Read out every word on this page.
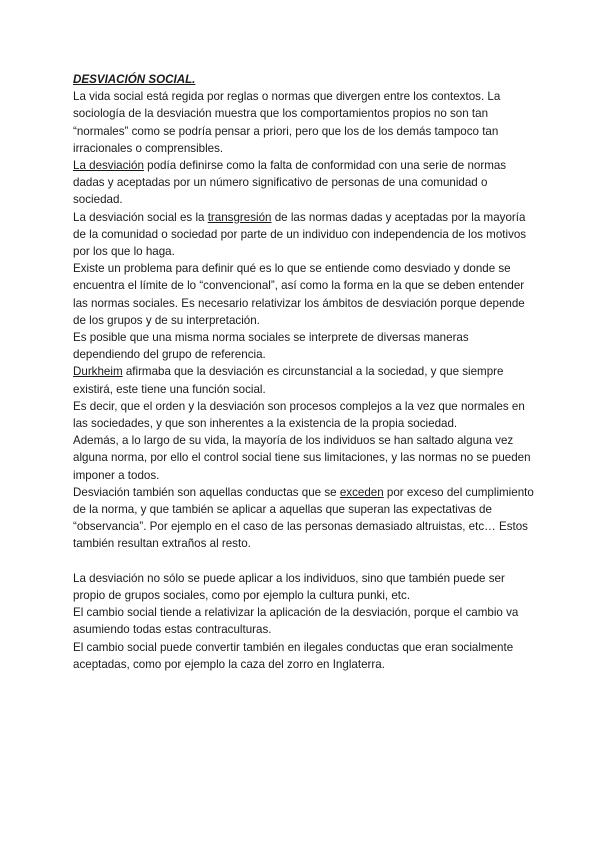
DESVIACIÓN SOCIAL.

La vida social está regida por reglas o normas que divergen entre los contextos. La sociología de la desviación muestra que los comportamientos propios no son tan “normales” como se podría pensar a priori, pero que los de los demás tampoco tan irracionales o comprensibles.

La desviación podía definirse como la falta de conformidad con una serie de normas dadas y aceptadas por un número significativo de personas de una comunidad o sociedad.

La desviación social es la transgresión de las normas dadas y aceptadas por la mayoría de la comunidad o sociedad por parte de un individuo con independencia de los motivos por los que lo haga.

Existe un problema para definir qué es lo que se entiende como desviado y donde se encuentra el límite de lo “convencional”, así como la forma en la que se deben entender las normas sociales. Es necesario relativizar los ámbitos de desviación porque depende de los grupos y de su interpretación.

Es posible que una misma norma sociales se interprete de diversas maneras dependiendo del grupo de referencia.

Durkheim afirmaba que la desviación es circunstancial a la sociedad, y que siempre existirá, este tiene una función social.

Es decir, que el orden y la desviación son procesos complejos a la vez que normales en las sociedades, y que son inherentes a la existencia de la propia sociedad.

Además, a lo largo de su vida, la mayoría de los individuos se han saltado alguna vez alguna norma, por ello el control social tiene sus limitaciones, y las normas no se pueden imponer a todos.

Desviación también son aquellas conductas que se exceden por exceso del cumplimiento de la norma, y que también se aplicar a aquellas que superan las expectativas de “observancia”. Por ejemplo en el caso de las personas demasiado altruistas, etc… Estos también resultan extraños al resto.

La desviación no sólo se puede aplicar a los individuos, sino que también puede ser propio de grupos sociales, como por ejemplo la cultura punki, etc.

El cambio social tiende a relativizar la aplicación de la desviación, porque el cambio va asumiendo todas estas contraculturas.

El cambio social puede convertir también en ilegales conductas que eran socialmente aceptadas, como por ejemplo la caza del zorro en Inglaterra.
